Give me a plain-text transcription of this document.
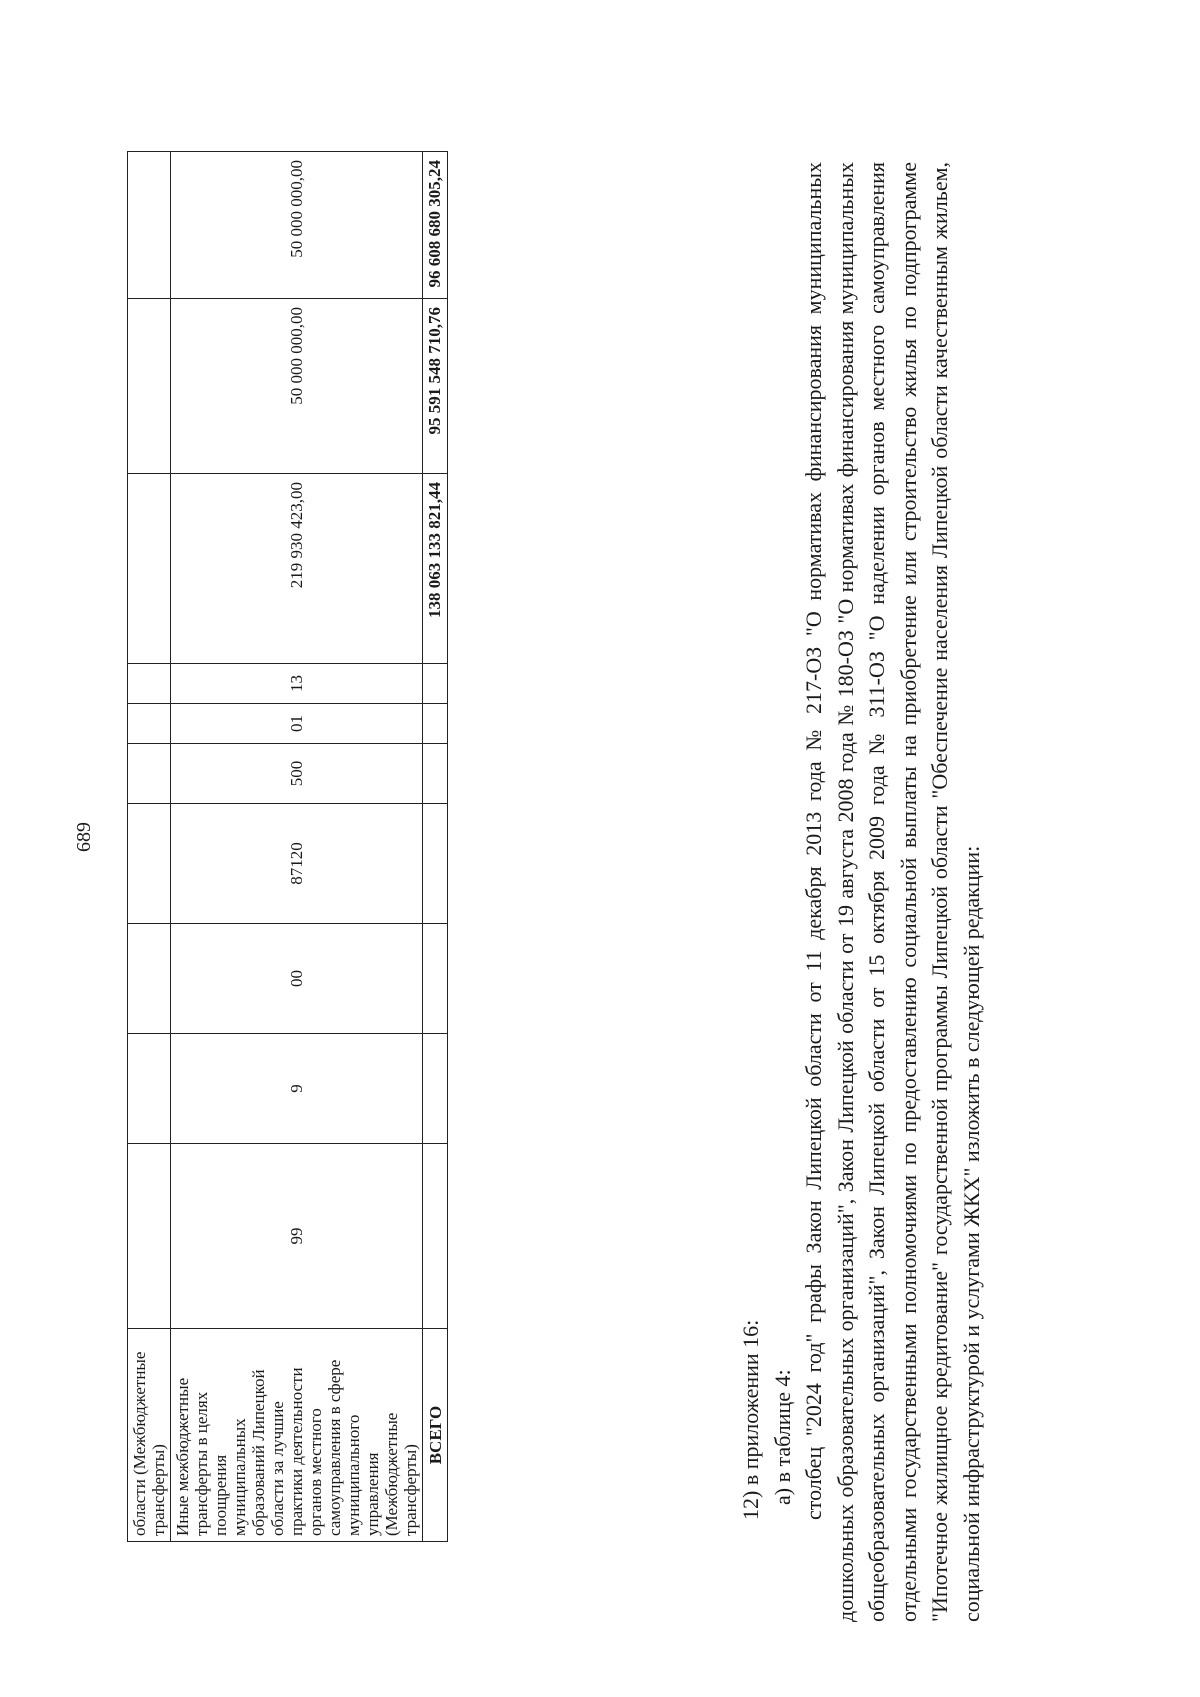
689
области (Межбюджетные трансферты)										
Иные межбюджетные трансферты в целях поощрения муниципальных образований Липецкой области за лучшие практики деятельности органов местного самоуправления в сфере муниципального управления (Межбюджетные трансферты)	99	9	00	87120	500	01	13	219 930 423,00	50 000 000,00	50 000 000,00
ВСЕГО								138 063 133 821,44	95 591 548 710,76	96 608 680 305,24

12) в приложении 16: а) в таблице 4: столбец "2024 год" графы Закон Липецкой области от 11 декабря 2013 года № 217-ОЗ "О нормативах финансирования муниципальных дошкольных образовательных организаций", Закон Липецкой области от 19 августа 2008 года № 180-ОЗ "О нормативах финансирования муниципальных общеобразовательных организаций", Закон Липецкой области от 15 октября 2009 года № 311-ОЗ "О наделении органов местного самоуправления отдельными государственными полномочиями по предоставлению социальной выплаты на приобретение или строительство жилья по подпрограмме "Ипотечное жилищное кредитование" государственной программы Липецкой области "Обеспечение населения Липецкой области качественным жильем, социальной инфраструктурой и услугами ЖКХ" изложить в следующей редакции:
